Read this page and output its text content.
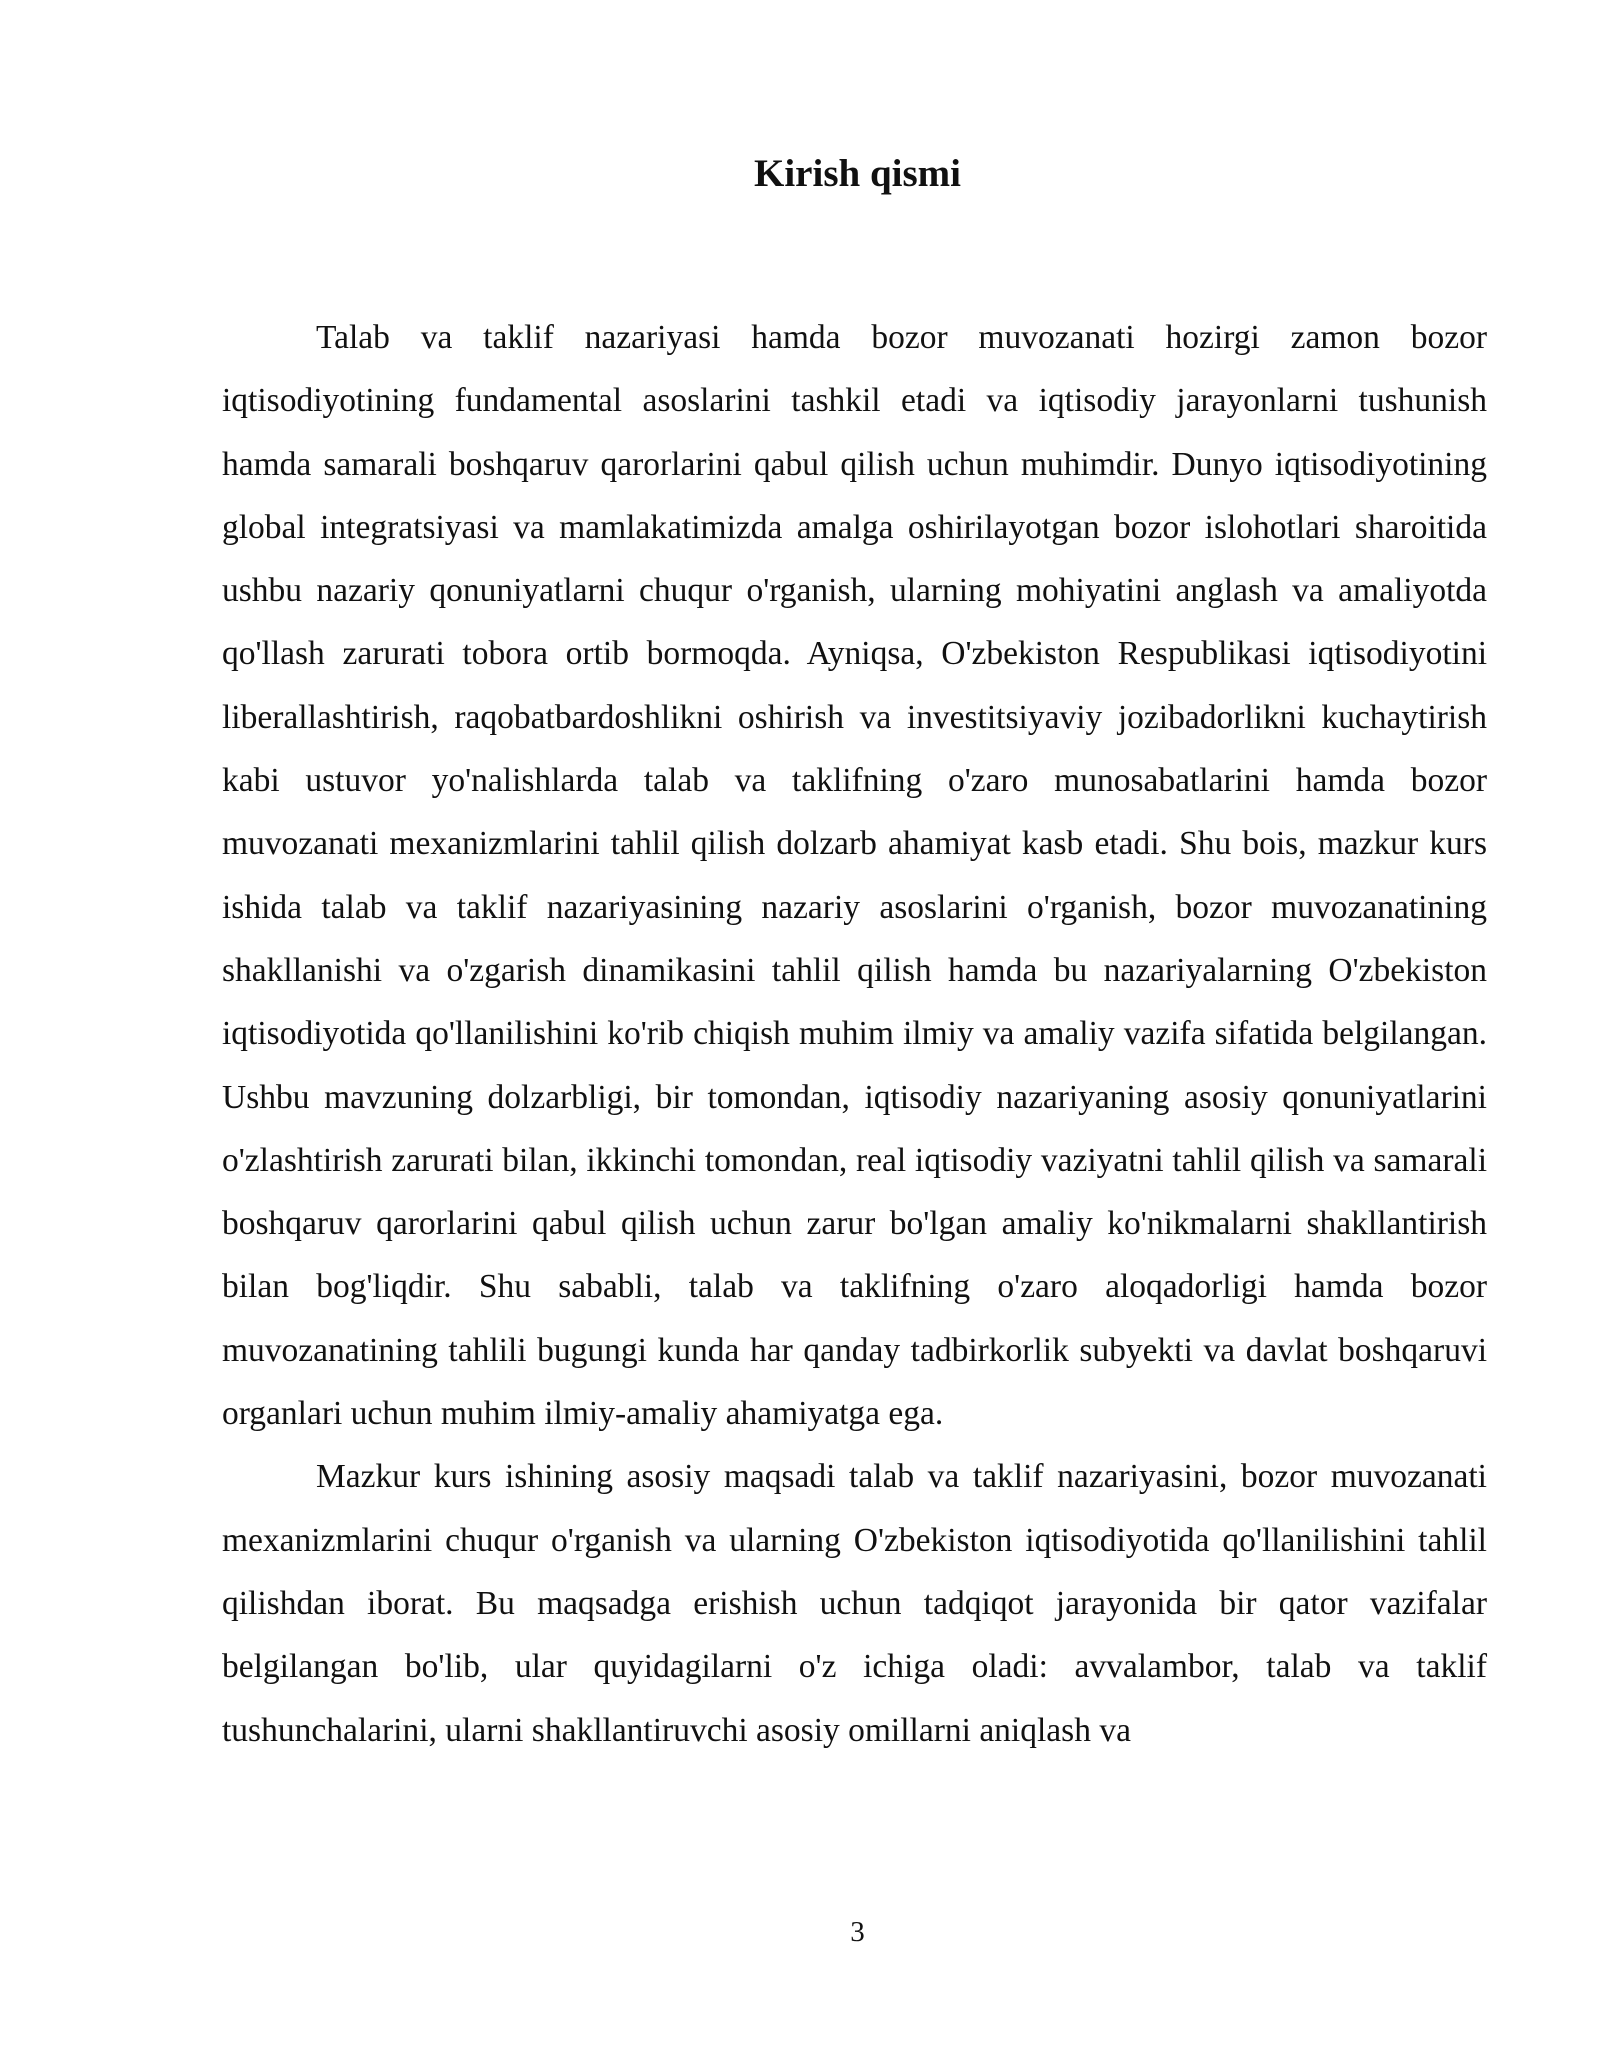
Kirish qismi

Talab va taklif nazariyasi hamda bozor muvozanati hozirgi zamon bozor iqtisodiyotining fundamental asoslarini tashkil etadi va iqtisodiy jarayonlarni tushunish hamda samarali boshqaruv qarorlarini qabul qilish uchun muhimdir. Dunyo iqtisodiyotining global integratsiyasi va mamlakatimizda amalga oshirilayotgan bozor islohotlari sharoitida ushbu nazariy qonuniyatlarni chuqur o'rganish, ularning mohiyatini anglash va amaliyotda qo'llash zarurati tobora ortib bormoqda. Ayniqsa, O'zbekiston Respublikasi iqtisodiyotini liberallashtirish, raqobatbardoshlikni oshirish va investitsiyaviy jozibadorlikni kuchaytirish kabi ustuvor yo'nalishlarda talab va taklifning o'zaro munosabatlarini hamda bozor muvozanati mexanizmlarini tahlil qilish dolzarb ahamiyat kasb etadi. Shu bois, mazkur kurs ishida talab va taklif nazariyasining nazariy asoslarini o'rganish, bozor muvozanatining shakllanishi va o'zgarish dinamikasini tahlil qilish hamda bu nazariyalarning O'zbekiston iqtisodiyotida qo'llanilishini ko'rib chiqish muhim ilmiy va amaliy vazifa sifatida belgilangan. Ushbu mavzuning dolzarbligi, bir tomondan, iqtisodiy nazariyaning asosiy qonuniyatlarini o'zlashtirish zarurati bilan, ikkinchi tomondan, real iqtisodiy vaziyatni tahlil qilish va samarali boshqaruv qarorlarini qabul qilish uchun zarur bo'lgan amaliy ko'nikmalarni shakllantirish bilan bog'liqdir. Shu sababli, talab va taklifning o'zaro aloqadorligi hamda bozor muvozanatining tahlili bugungi kunda har qanday tadbirkorlik subyekti va davlat boshqaruvi organlari uchun muhim ilmiy-amaliy ahamiyatga ega.

Mazkur kurs ishining asosiy maqsadi talab va taklif nazariyasini, bozor muvozanati mexanizmlarini chuqur o'rganish va ularning O'zbekiston iqtisodiyotida qo'llanilishini tahlil qilishdan iborat. Bu maqsadga erishish uchun tadqiqot jarayonida bir qator vazifalar belgilangan bo'lib, ular quyidagilarni o'z ichiga oladi: avvalambor, talab va taklif tushunchalarini, ularni shakllantiruvchi asosiy omillarni aniqlash va

3
